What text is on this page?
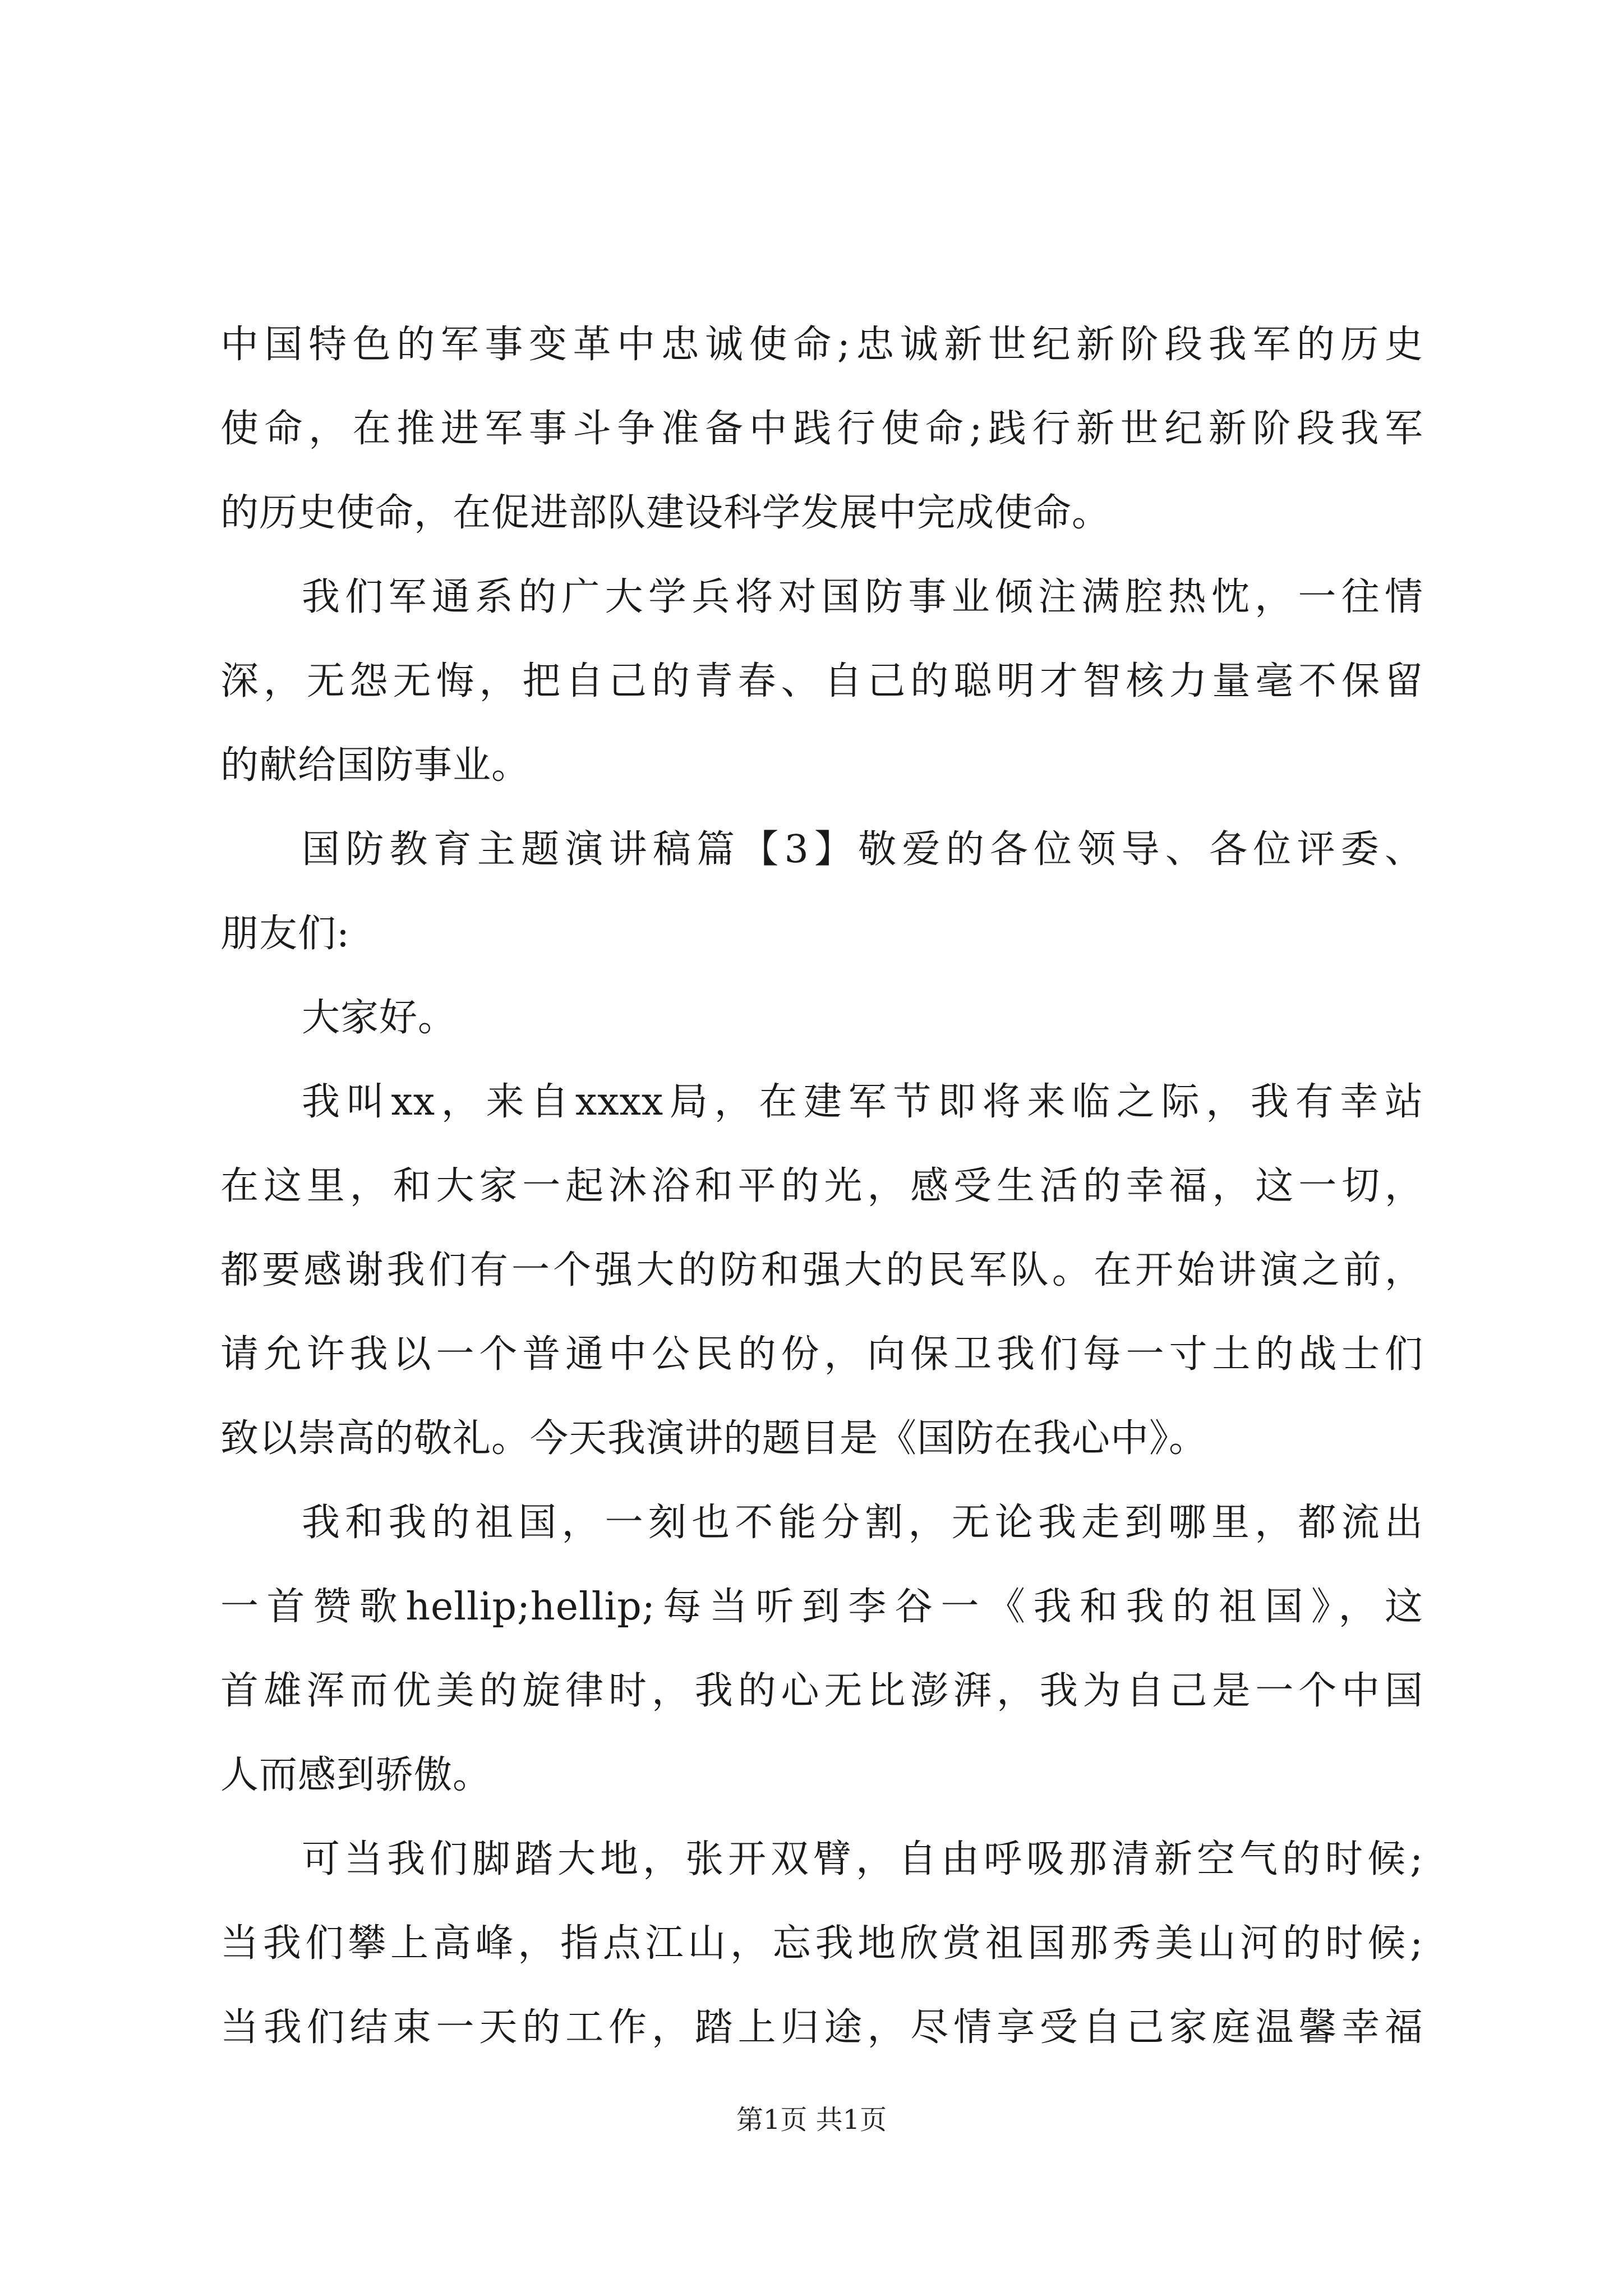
中国特色的军事变革中忠诚使命;忠诚新世纪新阶段我军的历史
使命，在推进军事斗争准备中践行使命;践行新世纪新阶段我军
的历史使命，在促进部队建设科学发展中完成使命。
我们军通系的广大学兵将对国防事业倾注满腔热忱，一往情
深，无怨无悔，把自己的青春、自己的聪明才智核力量毫不保留
的献给国防事业。
国防教育主题演讲稿篇【3】敬爱的各位领导、各位评委、
朋友们:
大家好。
我叫xx，来自xxxx局，在建军节即将来临之际，我有幸站
在这里，和大家一起沐浴和平的光，感受生活的幸福，这一切，
都要感谢我们有一个强大的防和强大的民军队。在开始讲演之前，
请允许我以一个普通中公民的份，向保卫我们每一寸土的战士们
致以崇高的敬礼。今天我演讲的题目是《国防在我心中》。
我和我的祖国，一刻也不能分割，无论我走到哪里，都流出
一首赞歌hellip;hellip;每当听到李谷一《我和我的祖国》，这
首雄浑而优美的旋律时，我的心无比澎湃，我为自己是一个中国
人而感到骄傲。
可当我们脚踏大地，张开双臂，自由呼吸那清新空气的时候;
当我们攀上高峰，指点江山，忘我地欣赏祖国那秀美山河的时候;
当我们结束一天的工作，踏上归途，尽情享受自己家庭温馨幸福
第1页 共1页
